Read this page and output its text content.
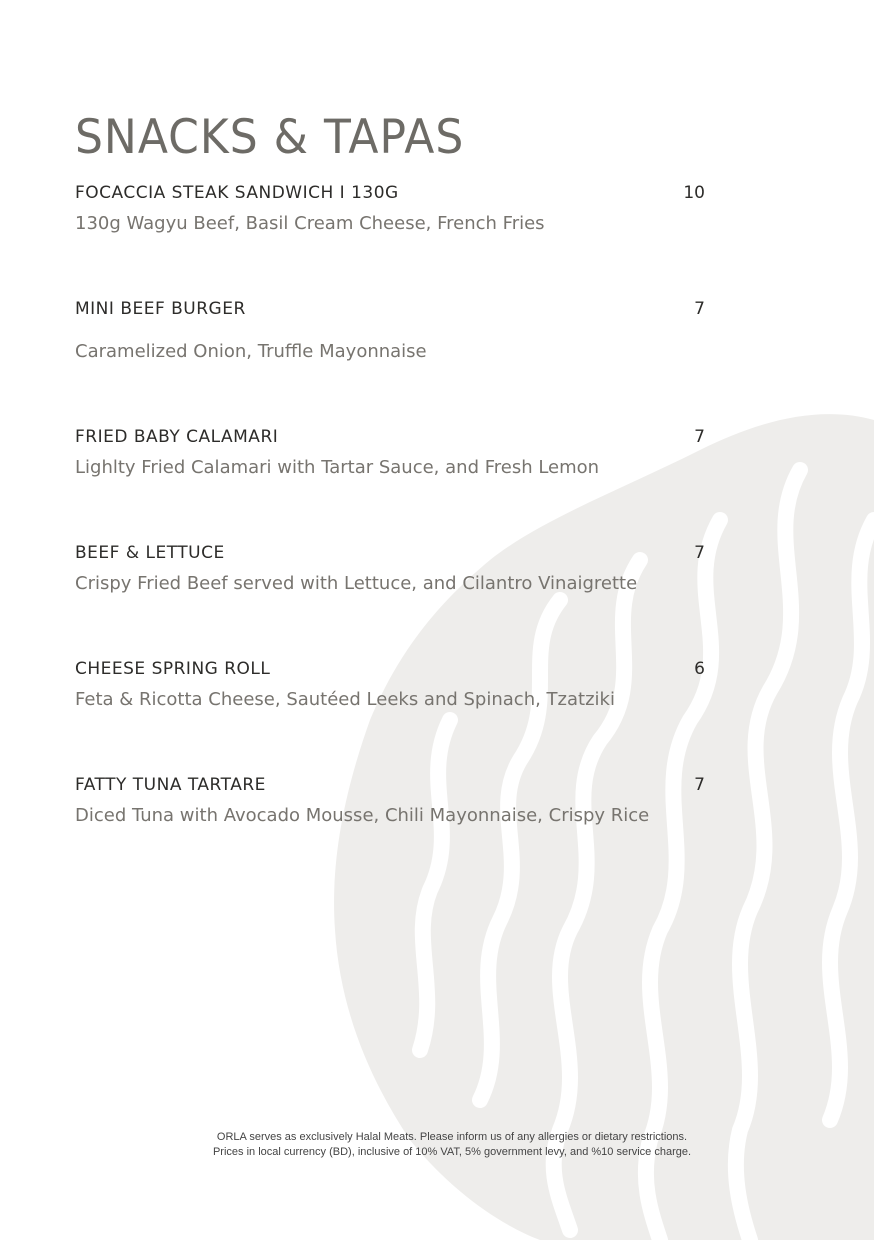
SNACKS & TAPAS
FOCACCIA STEAK SANDWICH I 130G	10
130g Wagyu Beef, Basil Cream Cheese, French Fries
MINI BEEF BURGER	7
Caramelized Onion, Truffle Mayonnaise
FRIED BABY CALAMARI	7
Lighlty Fried Calamari with Tartar Sauce, and Fresh Lemon
BEEF & LETTUCE	7
Crispy Fried Beef served with Lettuce, and Cilantro Vinaigrette
CHEESE SPRING ROLL	6
Feta & Ricotta Cheese, Sautéed Leeks and Spinach, Tzatziki
FATTY TUNA TARTARE	7
Diced Tuna with Avocado Mousse, Chili Mayonnaise, Crispy Rice
ORLA serves as exclusively Halal Meats. Please inform us of any allergies or dietary restrictions.
Prices in local currency (BD), inclusive of 10% VAT, 5% government levy, and %10 service charge.
